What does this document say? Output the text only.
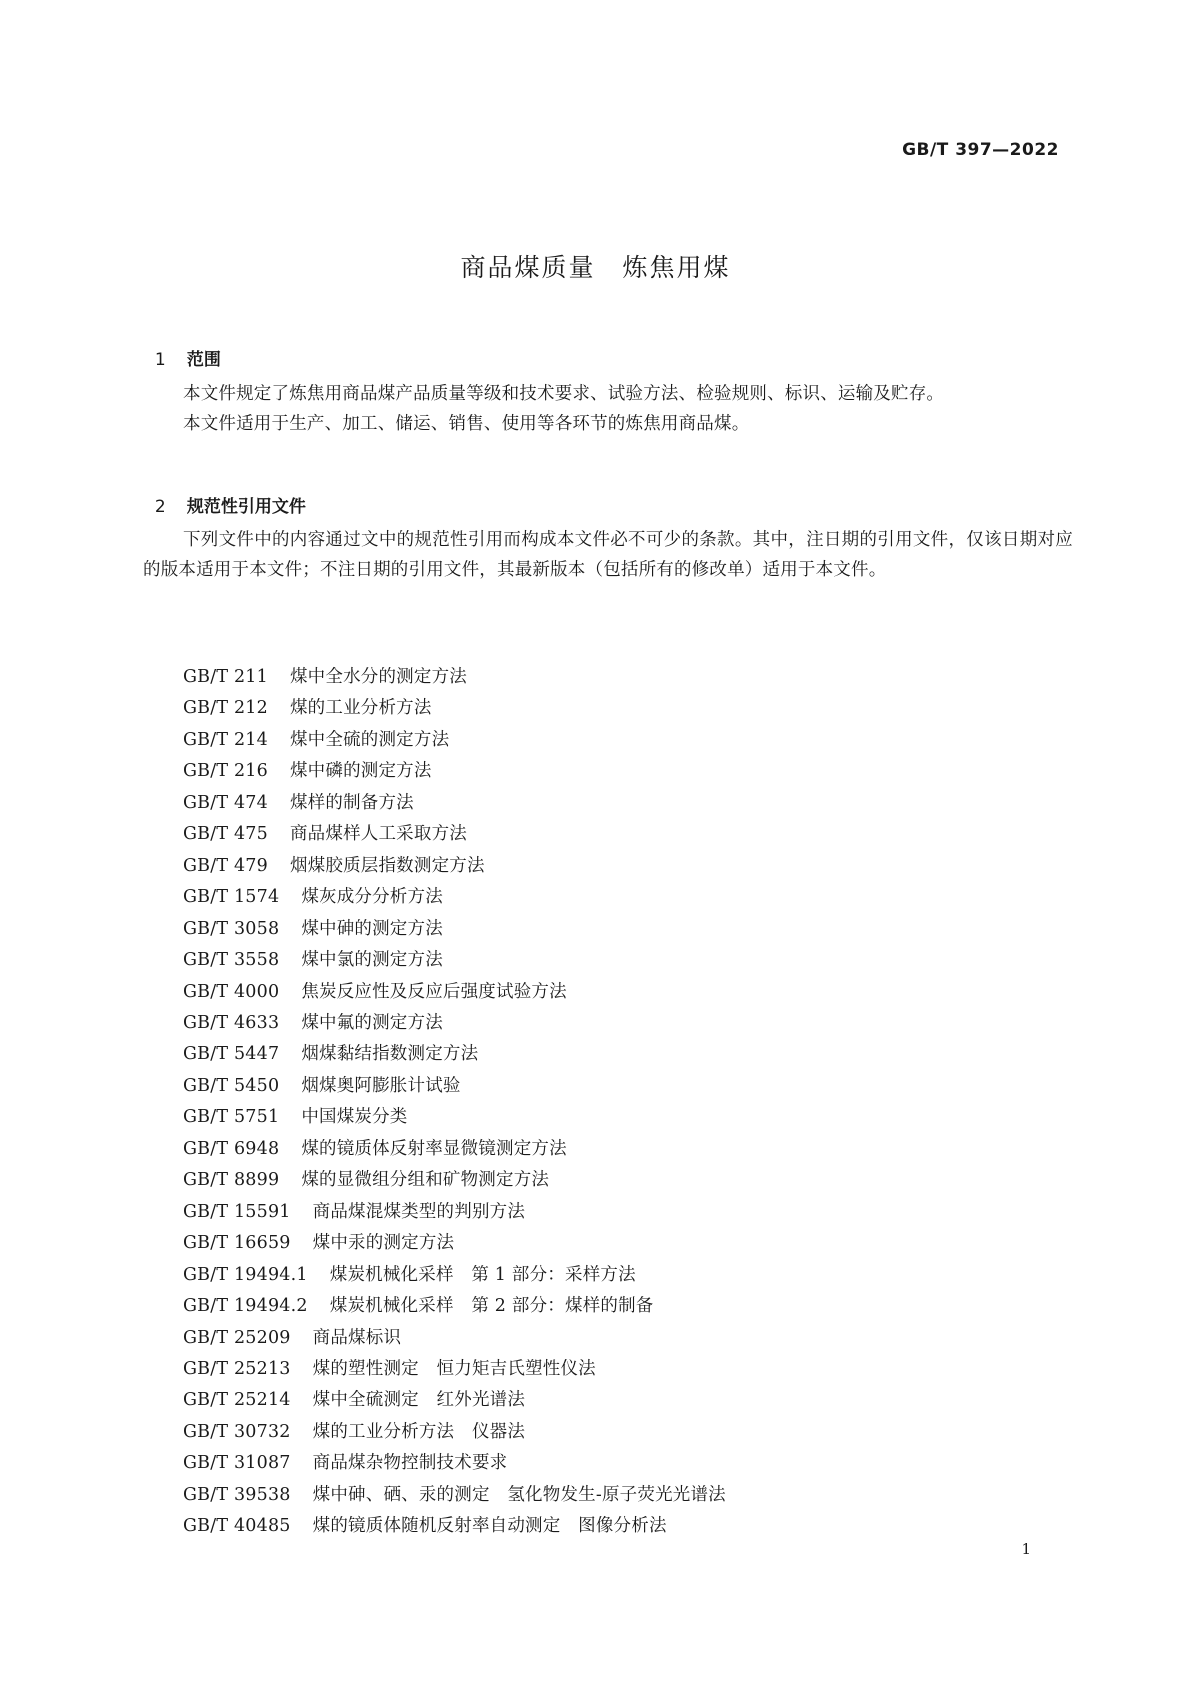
GB/T 397—2022
商品煤质量　炼焦用煤

1 范围

本文件规定了炼焦用商品煤产品质量等级和技术要求、试验方法、检验规则、标识、运输及贮存。

本文件适用于生产、加工、储运、销售、使用等各环节的炼焦用商品煤。

2 规范性引用文件

下列文件中的内容通过文中的规范性引用而构成本文件必不可少的条款。其中，注日期的引用文件，仅该日期对应的版本适用于本文件；不注日期的引用文件，其最新版本（包括所有的修改单）适用于本文件。

GB/T 211 煤中全水分的测定方法
GB/T 212 煤的工业分析方法
GB/T 214 煤中全硫的测定方法
GB/T 216 煤中磷的测定方法
GB/T 474 煤样的制备方法
GB/T 475 商品煤样人工采取方法
GB/T 479 烟煤胶质层指数测定方法
GB/T 1574 煤灰成分分析方法
GB/T 3058 煤中砷的测定方法
GB/T 3558 煤中氯的测定方法
GB/T 4000 焦炭反应性及反应后强度试验方法
GB/T 4633 煤中氟的测定方法
GB/T 5447 烟煤黏结指数测定方法
GB/T 5450 烟煤奥阿膨胀计试验
GB/T 5751 中国煤炭分类
GB/T 6948 煤的镜质体反射率显微镜测定方法
GB/T 8899 煤的显微组分组和矿物测定方法
GB/T 15591 商品煤混煤类型的判别方法
GB/T 16659 煤中汞的测定方法
GB/T 19494.1 煤炭机械化采样　第 1 部分：采样方法
GB/T 19494.2 煤炭机械化采样　第 2 部分：煤样的制备
GB/T 25209 商品煤标识
GB/T 25213 煤的塑性测定　恒力矩吉氏塑性仪法
GB/T 25214 煤中全硫测定　红外光谱法
GB/T 30732 煤的工业分析方法　仪器法
GB/T 31087 商品煤杂物控制技术要求
GB/T 39538 煤中砷、硒、汞的测定　氢化物发生-原子荧光光谱法
GB/T 40485 煤的镜质体随机反射率自动测定　图像分析法
1
